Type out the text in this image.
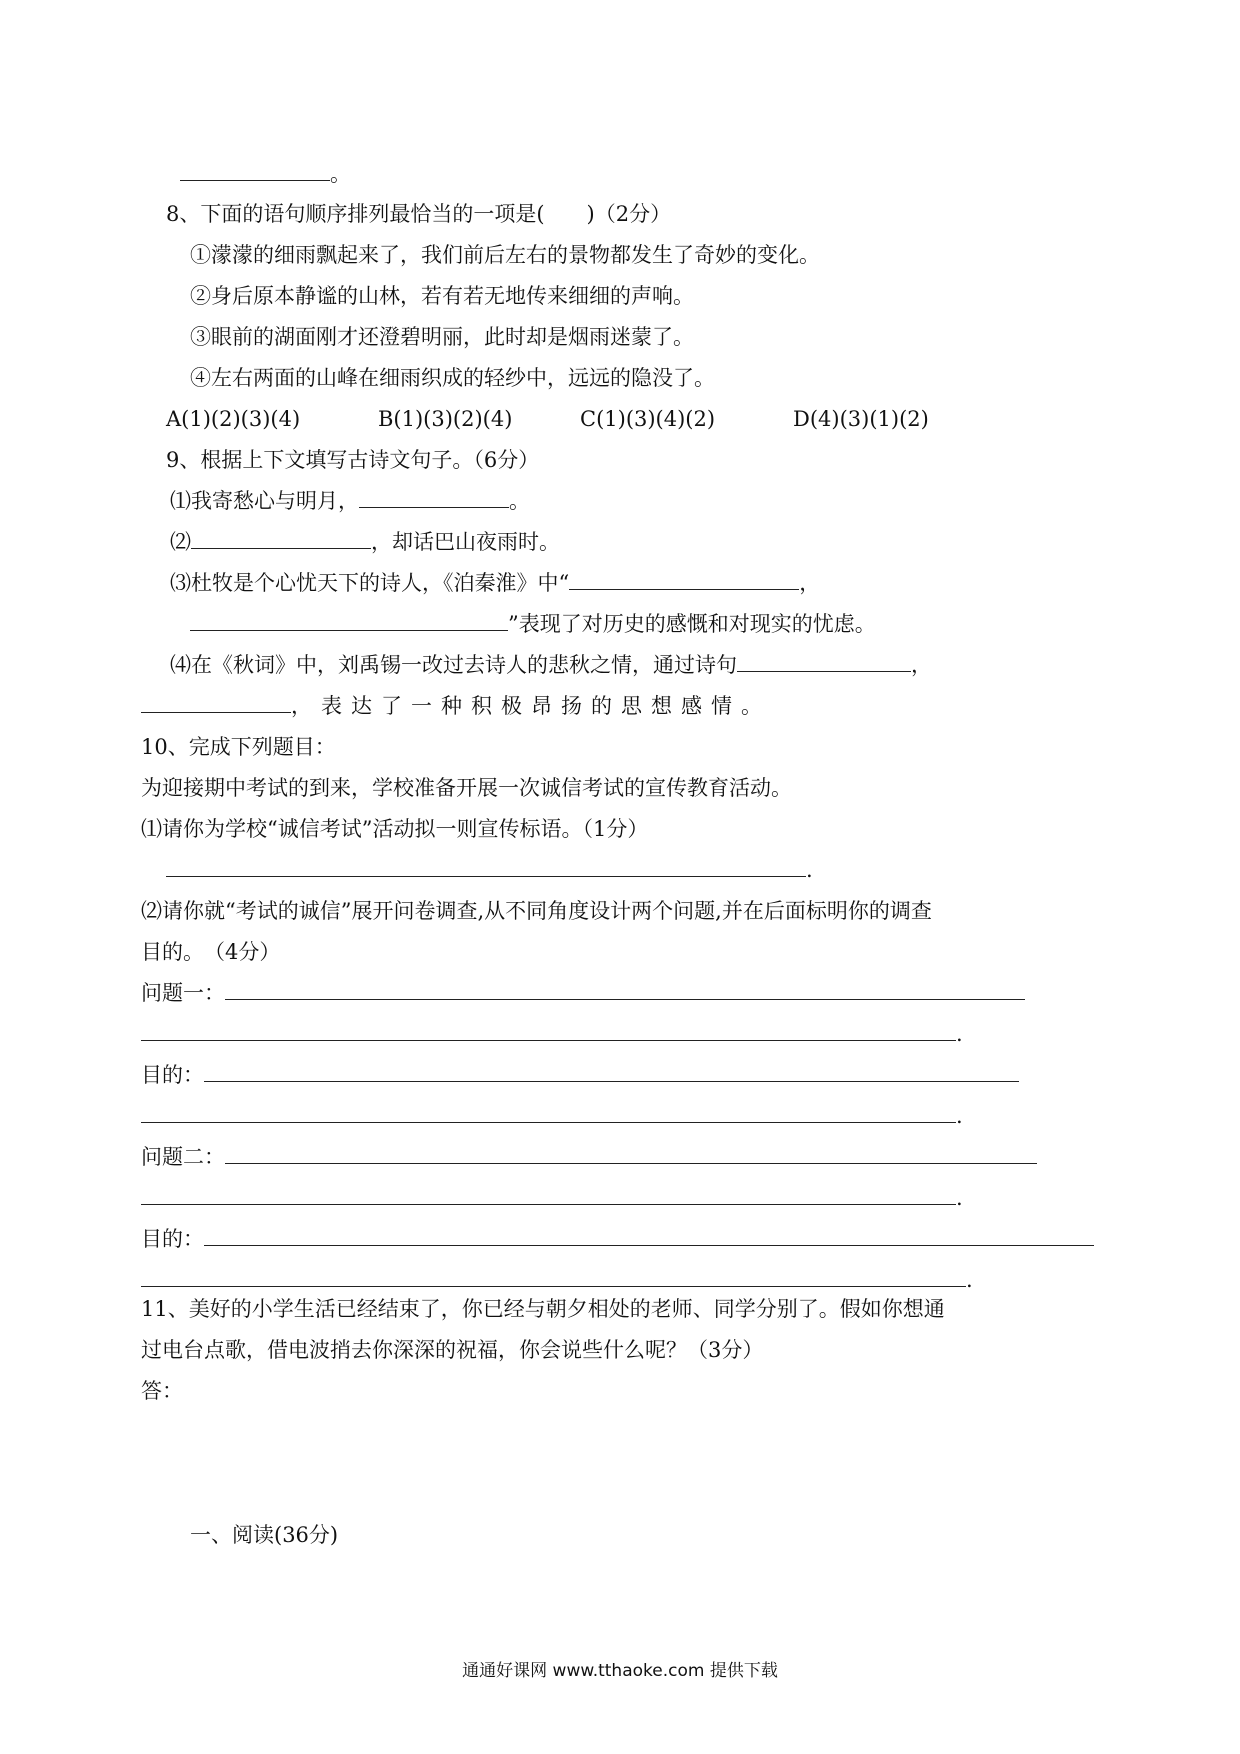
。
8、下面的语句顺序排列最恰当的一项是(　　)（2分）
①濛濛的细雨飘起来了，我们前后左右的景物都发生了奇妙的变化。
②身后原本静谧的山林，若有若无地传来细细的声响。
③眼前的湖面刚才还澄碧明丽，此时却是烟雨迷蒙了。
④左右两面的山峰在细雨织成的轻纱中，远远的隐没了。
A(1)(2)(3)(4)	B(1)(3)(2)(4)	C(1)(3)(4)(2)	D(4)(3)(1)(2)
9、根据上下文填写古诗文句子。（6分）
⑴我寄愁心与明月，	。
⑵	，却话巴山夜雨时。
⑶杜牧是个心忧天下的诗人，《泊秦淮》中“	，
”表现了对历史的感慨和对现实的忧虑。
⑷在《秋词》中，刘禹锡一改过去诗人的悲秋之情，通过诗句	，
，表达了一种积极昂扬的思想感情。
10、完成下列题目：
为迎接期中考试的到来，学校准备开展一次诚信考试的宣传教育活动。
⑴请你为学校“诚信考试”活动拟一则宣传标语。（1分）
.
⑵请你就“考试的诚信”展开问卷调查,从不同角度设计两个问题,并在后面标明你的调查
目的。　（4分）
问题一：
.
目的：
.
问题二：
.
目的：
.
11、美好的小学生活已经结束了，你已经与朝夕相处的老师、同学分别了。假如你想通
过电台点歌，借电波捎去你深深的祝福，你会说些什么呢？（3分）
答：
一、阅读(36分)
通通好课网 www.tthaoke.com 提供下载
